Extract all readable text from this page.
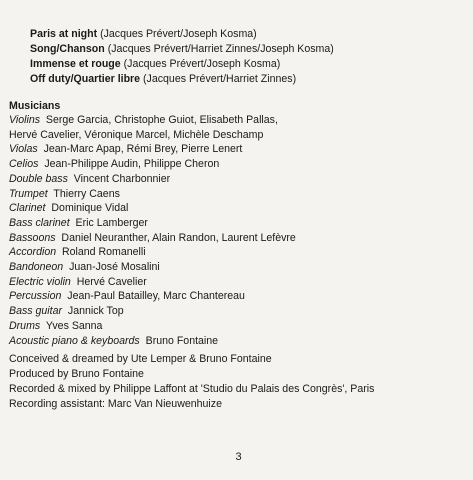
Paris at night (Jacques Prévert/Joseph Kosma)
Song/Chanson (Jacques Prévert/Harriet Zinnes/Joseph Kosma)
Immense et rouge (Jacques Prévert/Joseph Kosma)
Off duty/Quartier libre (Jacques Prévert/Harriet Zinnes)
Musicians
Violins Serge Garcia, Christophe Guiot, Elisabeth Pallas,
Hervé Cavelier, Véronique Marcel, Michèle Deschamp
Violas Jean-Marc Apap, Rémi Brey, Pierre Lenert
Celios Jean-Philippe Audin, Philippe Cheron
Double bass Vincent Charbonnier
Trumpet Thierry Caens
Clarinet Dominique Vidal
Bass clarinet Eric Lamberger
Bassoons Daniel Neuranther, Alain Randon, Laurent Lefèvre
Accordion Roland Romanelli
Bandoneon Juan-José Mosalini
Electric violin Hervé Cavelier
Percussion Jean-Paul Batailley, Marc Chantereau
Bass guitar Jannick Top
Drums Yves Sanna
Acoustic piano & keyboards Bruno Fontaine
Conceived & dreamed by Ute Lemper & Bruno Fontaine
Produced by Bruno Fontaine
Recorded & mixed by Philippe Laffont at 'Studio du Palais des Congrès', Paris
Recording assistant: Marc Van Nieuwenhuize
3
